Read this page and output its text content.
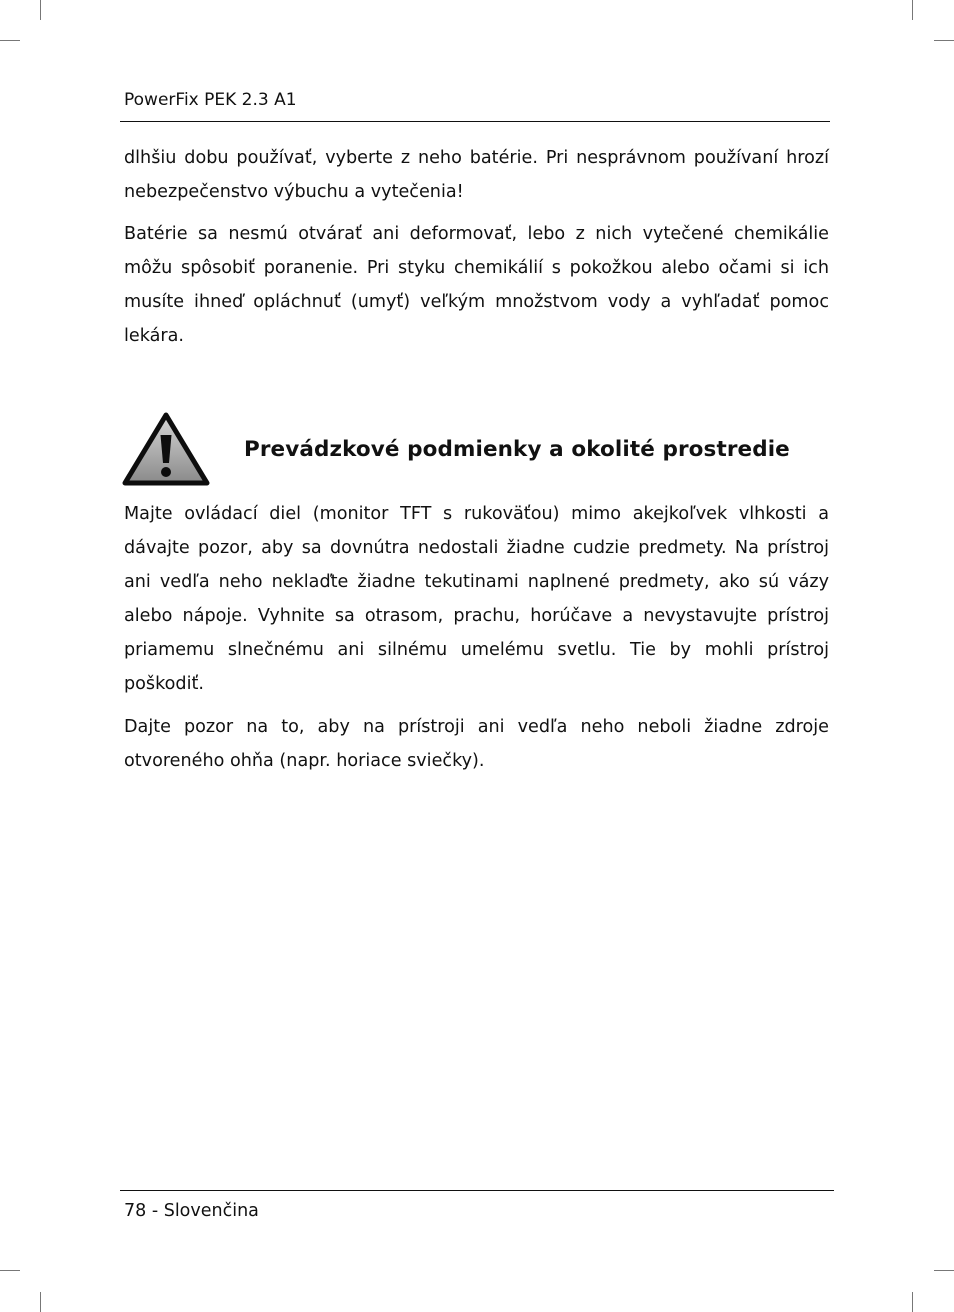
PowerFix PEK 2.3 A1

dlhšiu dobu používať, vyberte z neho batérie. Pri nesprávnom používaní hrozí nebezpečenstvo výbuchu a vytečenia!

Batérie sa nesmú otvárať ani deformovať, lebo z nich vytečené chemikálie môžu spôsobiť poranenie. Pri styku chemikálií s pokožkou alebo očami si ich musíte ihneď opláchnuť (umyť) veľkým množstvom vody a vyhľadať pomoc lekára.

Prevádzkové podmienky a okolité prostredie

Majte ovládací diel (monitor TFT s rukoväťou) mimo akejkoľvek vlhkosti a dávajte pozor, aby sa dovnútra nedostali žiadne cudzie predmety. Na prístroj ani vedľa neho neklaďte žiadne tekutinami naplnené predmety, ako sú vázy alebo nápoje. Vyhnite sa otrasom, prachu, horúčave a nevystavujte prístroj priamemu slnečnému ani silnému umelému svetlu. Tie by mohli prístroj poškodiť.

Dajte pozor na to, aby na prístroji ani vedľa neho neboli žiadne zdroje otvoreného ohňa (napr. horiace sviečky).

78 - Slovenčina
